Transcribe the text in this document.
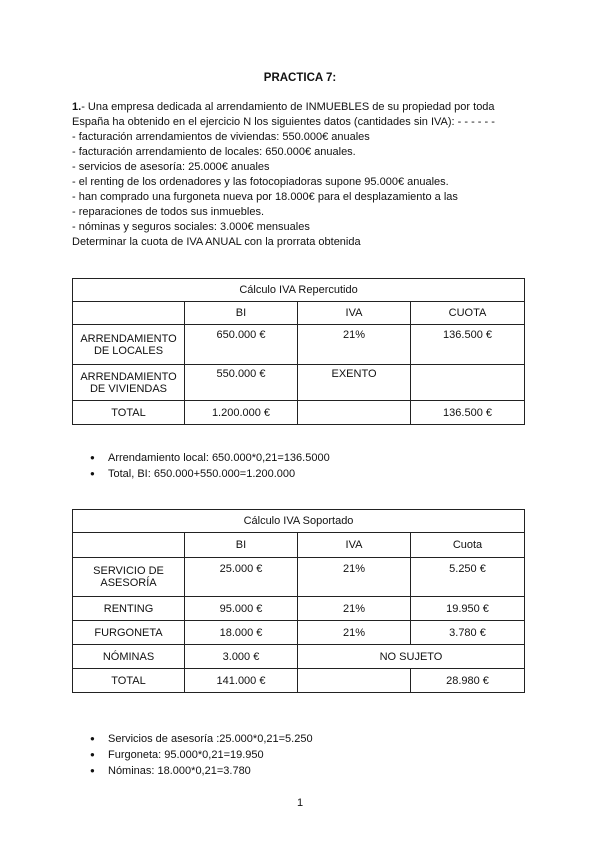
PRACTICA 7:
1.- Una empresa dedicada al arrendamiento de INMUEBLES de su propiedad por toda
España ha obtenido en el ejercicio N los siguientes datos (cantidades sin IVA): - - - - - -
- facturación arrendamientos de viviendas: 550.000€ anuales
- facturación arrendamiento de locales: 650.000€ anuales.
- servicios de asesoría: 25.000€ anuales
- el renting de los ordenadores y las fotocopiadoras supone 95.000€ anuales.
- han comprado una furgoneta nueva por 18.000€ para el desplazamiento a las
- reparaciones de todos sus inmuebles.
- nóminas y seguros sociales: 3.000€ mensuales
Determinar la cuota de IVA ANUAL con la prorrata obtenida
Cálculo IVA Repercutido			
	BI	IVA	CUOTA
ARRENDAMIENTO DE LOCALES	650.000 €	21%	136.500 €
ARRENDAMIENTO DE VIVIENDAS	550.000 €	EXENTO	
TOTAL	1.200.000 €		136.500 €
● Arrendamiento local: 650.000*0,21=136.5000
● Total, BI: 650.000+550.000=1.200.000
Cálculo IVA Soportado			
	BI	IVA	Cuota
SERVICIO DE ASESORÍA	25.000 €	21%	5.250 €
RENTING	95.000 €	21%	19.950 €
FURGONETA	18.000 €	21%	3.780 €
NÓMINAS	3.000 €	NO SUJETO	
TOTAL	141.000 €		28.980 €
● Servicios de asesoría :25.000*0,21=5.250
● Furgoneta: 95.000*0,21=19.950
● Nóminas: 18.000*0,21=3.780
1
